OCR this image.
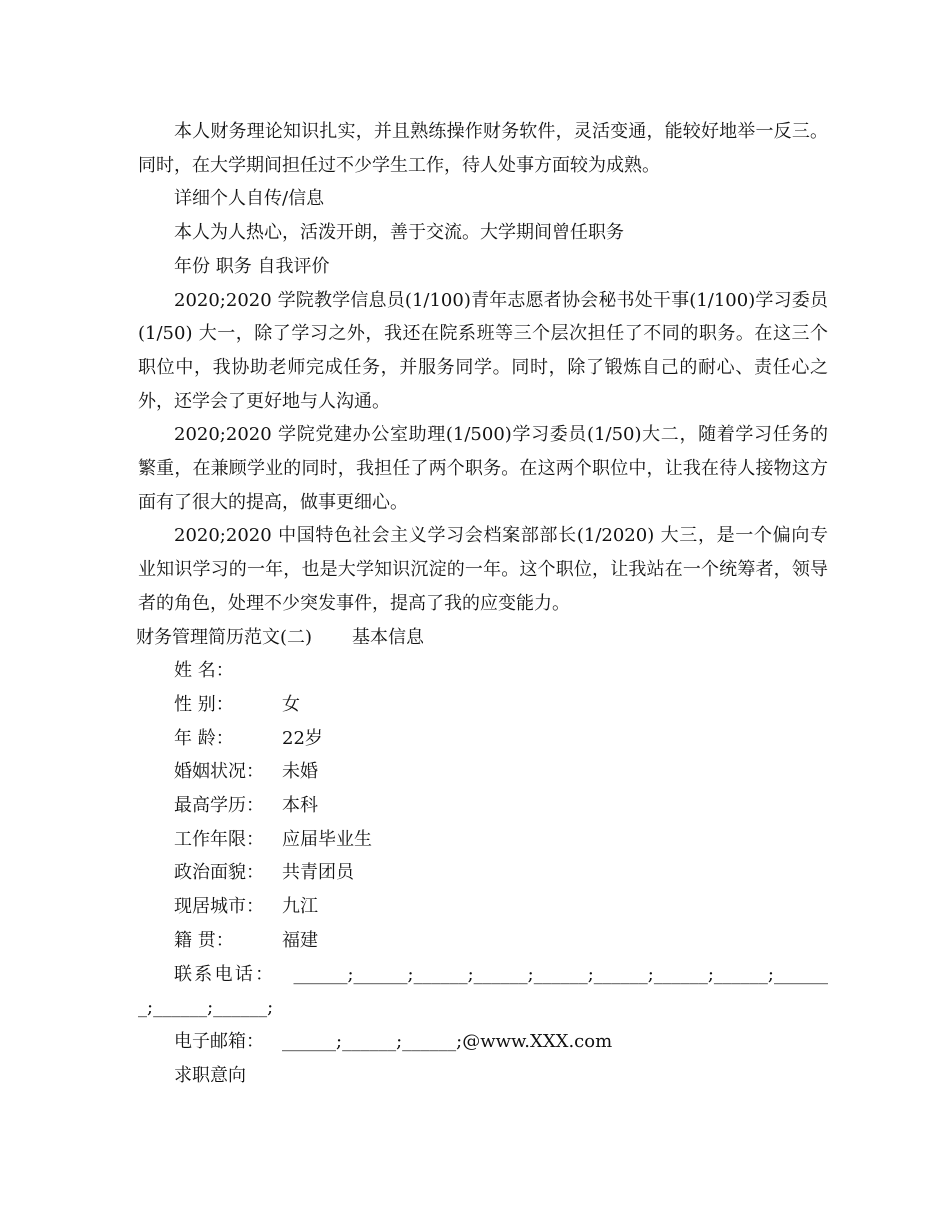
本人财务理论知识扎实，并且熟练操作财务软件，灵活变通，能较好地举一反三。同时，在大学期间担任过不少学生工作，待人处事方面较为成熟。

详细个人自传/信息

本人为人热心，活泼开朗，善于交流。大学期间曾任职务

年份 职务 自我评价

2020;2020 学院教学信息员(1/100)青年志愿者协会秘书处干事(1/100)学习委员(1/50) 大一，除了学习之外，我还在院系班等三个层次担任了不同的职务。在这三个职位中，我协助老师完成任务，并服务同学。同时，除了锻炼自己的耐心、责任心之外，还学会了更好地与人沟通。

2020;2020 学院党建办公室助理(1/500)学习委员(1/50)大二，随着学习任务的繁重，在兼顾学业的同时，我担任了两个职务。在这两个职位中，让我在待人接物这方面有了很大的提高，做事更细心。

2020;2020 中国特色社会主义学习会档案部部长(1/2020) 大三，是一个偏向专业知识学习的一年，也是大学知识沉淀的一年。这个职位，让我站在一个统筹者，领导者的角色，处理不少突发事件，提高了我的应变能力。

财务管理简历范文(二) 基本信息

姓 名：

性 别：	女

年 龄：	22岁

婚姻状况： 未婚

最高学历： 本科

工作年限： 应届毕业生

政治面貌： 共青团员

现居城市： 九江

籍 贯：	福建

联系电话： ______;______;______;______;______;______;______;______;_______;______;______;

电子邮箱： ______;______;______;@www.XXX.com

求职意向
